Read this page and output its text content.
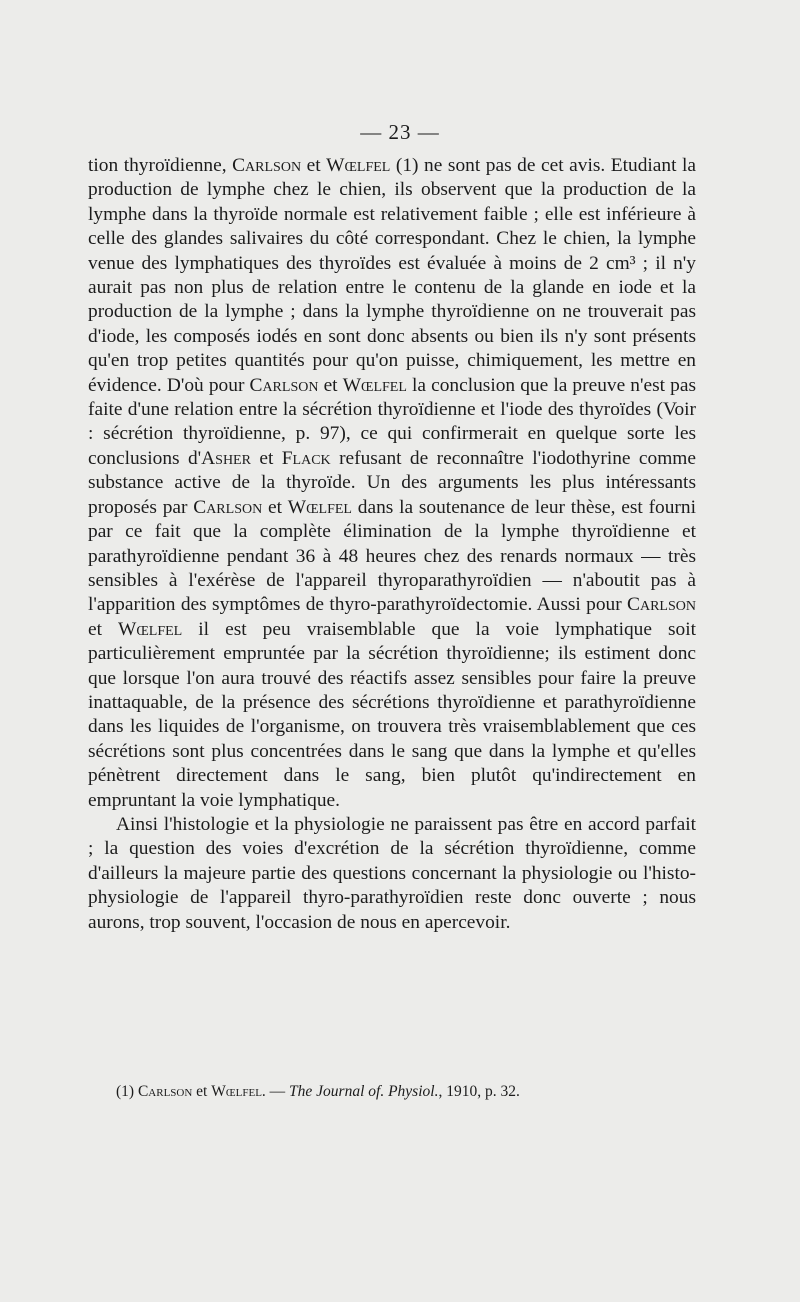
— 23 —

tion thyroïdienne, Carlson et Wœlfel (1) ne sont pas de cet avis. Etudiant la production de lymphe chez le chien, ils observent que la production de la lymphe dans la thyroïde normale est relativement faible ; elle est inférieure à celle des glandes salivaires du côté correspondant. Chez le chien, la lymphe venue des lymphatiques des thyroïdes est évaluée à moins de 2 cm³ ; il n'y aurait pas non plus de relation entre le contenu de la glande en iode et la production de la lymphe ; dans la lymphe thyroïdienne on ne trouverait pas d'iode, les composés iodés en sont donc absents ou bien ils n'y sont présents qu'en trop petites quantités pour qu'on puisse, chimiquement, les mettre en évidence. D'où pour Carlson et Wœlfel la conclusion que la preuve n'est pas faite d'une relation entre la sécrétion thyroïdienne et l'iode des thyroïdes (Voir : sécrétion thyroïdienne, p. 97), ce qui confirmerait en quelque sorte les conclusions d'Asher et Flack refusant de reconnaître l'iodothyrine comme substance active de la thyroïde. Un des arguments les plus intéressants proposés par Carlson et Wœlfel dans la soutenance de leur thèse, est fourni par ce fait que la complète élimination de la lymphe thyroïdienne et parathyroïdienne pendant 36 à 48 heures chez des renards normaux — très sensibles à l'exérèse de l'appareil thyroparathyroïdien — n'aboutit pas à l'apparition des symptômes de thyro-parathyroïdectomie. Aussi pour Carlson et Wœlfel il est peu vraisemblable que la voie lymphatique soit particulièrement empruntée par la sécrétion thyroïdienne; ils estiment donc que lorsque l'on aura trouvé des réactifs assez sensibles pour faire la preuve inattaquable, de la présence des sécrétions thyroïdienne et parathyroïdienne dans les liquides de l'organisme, on trouvera très vraisemblablement que ces sécrétions sont plus concentrées dans le sang que dans la lymphe et qu'elles pénètrent directement dans le sang, bien plutôt qu'indirectement en empruntant la voie lymphatique.

Ainsi l'histologie et la physiologie ne paraissent pas être en accord parfait ; la question des voies d'excrétion de la sécrétion thyroïdienne, comme d'ailleurs la majeure partie des questions concernant la physiologie ou l'histo-physiologie de l'appareil thyro-parathyroïdien reste donc ouverte ; nous aurons, trop souvent, l'occasion de nous en apercevoir.

(1) Carlson et Wœlfel. — The Journal of. Physiol., 1910, p. 32.
